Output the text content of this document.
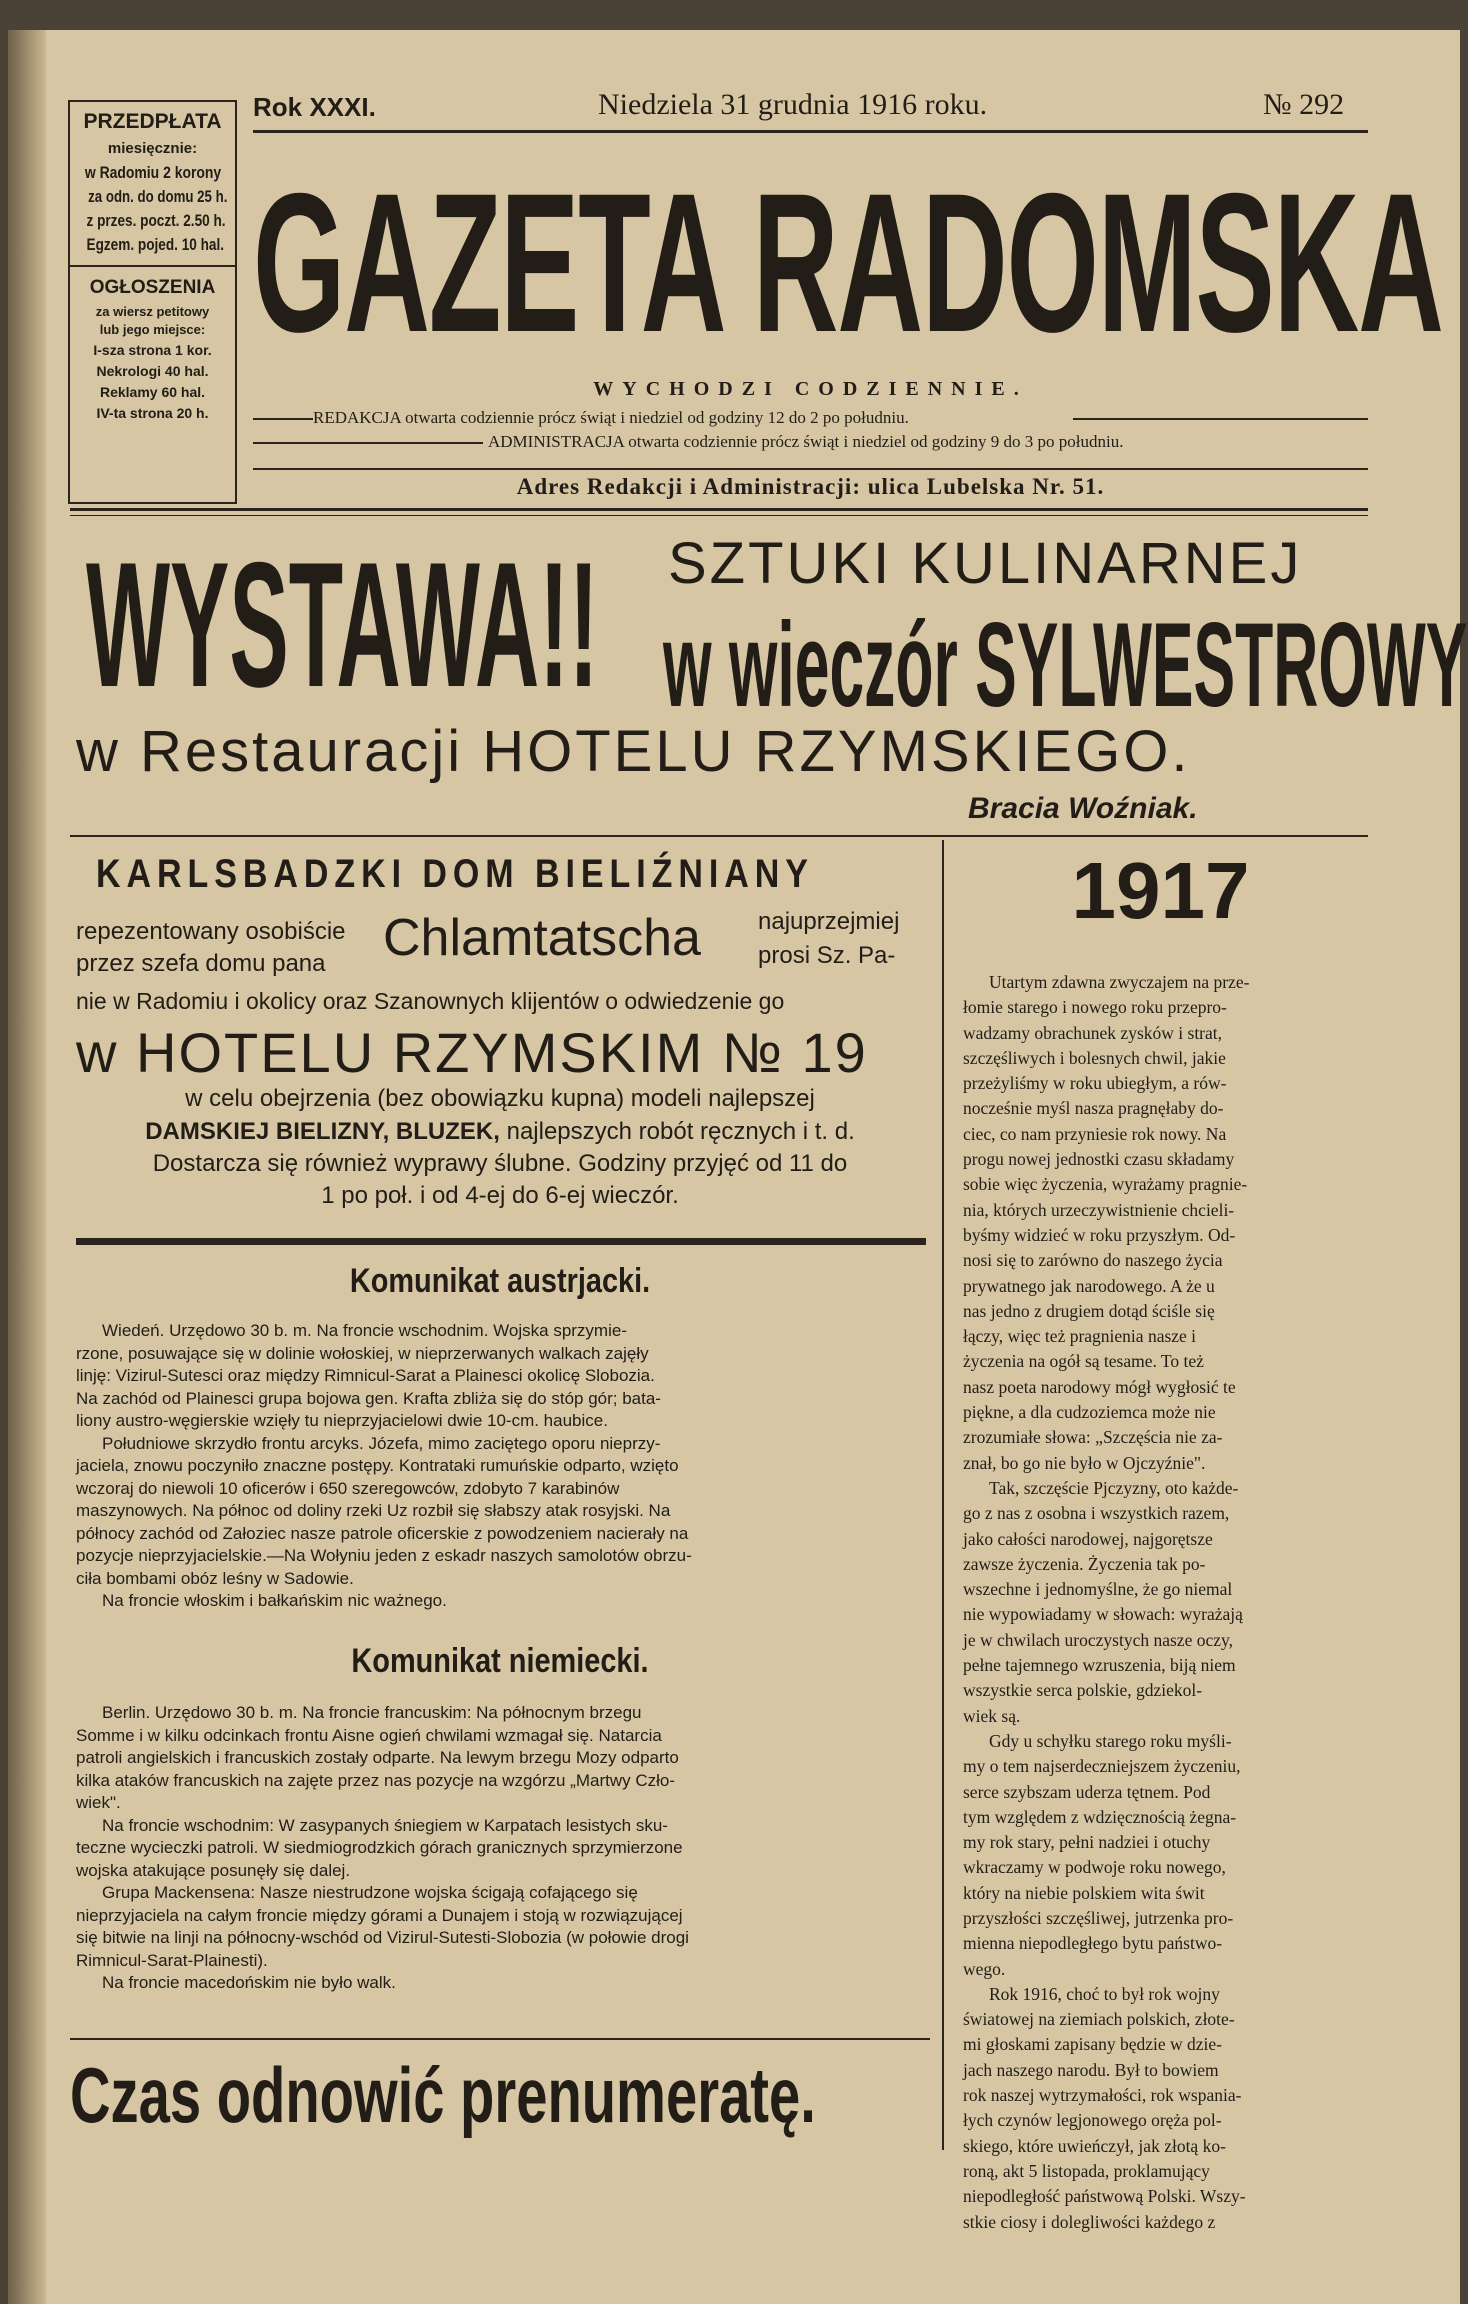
PRZEDPŁATA
miesięcznie:
w Radomiu 2 korony
za odn. do domu 25 h.
z przes. poczt. 2.50 h.
Egzem. pojed. 10 hal.
OGŁOSZENIA
za wiersz petitowy
lub jego miejsce:
I-sza strona 1 kor.
Nekrologi 40 hal.
Reklamy 60 hal.
IV-ta strona 20 h.
Rok XXXI.	Niedziela 31 grudnia 1916 roku.	№ 292
GAZETA RADOMSKA
WYCHODZI CODZIENNIE.
REDAKCJA otwarta codziennie prócz świąt i niedziel od godziny 12 do 2 po południu.
ADMINISTRACJA otwarta codziennie prócz świąt i niedziel od godziny 9 do 3 po południu.
Adres Redakcji i Administracji: ulica Lubelska Nr. 51.
WYSTAWA!! SZTUKI KULINARNEJ
w wieczór SYLWESTROWY
w Restauracji HOTELU RZYMSKIEGO.
Bracia Woźniak.
KARLSBADZKI DOM BIELIŹNIANY
repezentowany osobiście
przez szefa domu pana Chlamtatscha najuprzejmiej
prosi Sz. Pa-
nie w Radomiu i okolicy oraz Szanownych klijentów o odwiedzenie go
w HOTELU RZYMSKIM № 19
w celu obejrzenia (bez obowiązku kupna) modeli najlepszej
DAMSKIEJ BIELIZNY, BLUZEK, najlepszych robót ręcznych i t. d.
Dostarcza się również wyprawy ślubne. Godziny przyjęć od 11 do
1 po poł. i od 4-ej do 6-ej wieczór.
Komunikat austrjacki.
Wiedeń. Urzędowo 30 b. m. Na froncie wschodnim. Wojska sprzymie-
rzone, posuwające się w dolinie wołoskiej, w nieprzerwanych walkach zajęły
linję: Vizirul-Sutesci oraz między Rimnicul-Sarat a Plainesci okolicę Slobozia.
Na zachód od Plainesci grupa bojowa gen. Krafta zbliża się do stóp gór; bata-
liony austro-węgierskie wzięły tu nieprzyjacielowi dwie 10-cm. haubice.
Południowe skrzydło frontu arcyks. Józefa, mimo zaciętego oporu nieprzy-
jaciela, znowu poczyniło znaczne postępy. Kontrataki rumuńskie odparto, wzięto
wczoraj do niewoli 10 oficerów i 650 szeregowców, zdobyto 7 karabinów
maszynowych. Na północ od doliny rzeki Uz rozbił się słabszy atak rosyjski. Na
północy zachód od Załoziec nasze patrole oficerskie z powodzeniem nacierały na
pozycje nieprzyjacielskie.—Na Wołyniu jeden z eskadr naszych samolotów obrzu-
ciła bombami obóz leśny w Sadowie.
Na froncie włoskim i bałkańskim nic ważnego.
Komunikat niemiecki.
Berlin. Urzędowo 30 b. m. Na froncie francuskim: Na północnym brzegu
Somme i w kilku odcinkach frontu Aisne ogień chwilami wzmagał się. Natarcia
patroli angielskich i francuskich zostały odparte. Na lewym brzegu Mozy odparto
kilka ataków francuskich na zajęte przez nas pozycje na wzgórzu „Martwy Czło-
wiek".
Na froncie wschodnim: W zasypanych śniegiem w Karpatach lesistych sku-
teczne wycieczki patroli. W siedmiogrodzkich górach granicznych sprzymierzone
wojska atakujące posunęły się dalej.
Grupa Mackensena: Nasze niestrudzone wojska ścigają cofającego się
nieprzyjaciela na całym froncie między górami a Dunajem i stoją w rozwiązującej
się bitwie na linji na północny-wschód od Vizirul-Sutesti-Slobozia (w połowie drogi
Rimnicul-Sarat-Plainesti).
Na froncie macedońskim nie było walk.
Czas odnowić prenumeratę.
1917
Utartym zdawna zwyczajem na prze-
łomie starego i nowego roku przepro-
wadzamy obrachunek zysków i strat,
szczęśliwych i bolesnych chwil, jakie
przeżyliśmy w roku ubiegłym, a rów-
nocześnie myśl nasza pragnęłaby do-
ciec, co nam przyniesie rok nowy. Na
progu nowej jednostki czasu składamy
sobie więc życzenia, wyrażamy pragnie-
nia, których urzeczywistnienie chcieli-
byśmy widzieć w roku przyszłym. Od-
nosi się to zarówno do naszego życia
prywatnego jak narodowego. A że u
nas jedno z drugiem dotąd ściśle się
łączy, więc też pragnienia nasze i
życzenia na ogół są tesame. To też
nasz poeta narodowy mógł wygłosić te
piękne, a dla cudzoziemca może nie
zrozumiałe słowa: „Szczęścia nie za-
znał, bo go nie było w Ojczyźnie".
Tak, szczęście Pjczyzny, oto każde-
go z nas z osobna i wszystkich razem,
jako całości narodowej, najgorętsze
zawsze życzenia. Życzenia tak po-
wszechne i jednomyślne, że go niemal
nie wypowiadamy w słowach: wyrażają
je w chwilach uroczystych nasze oczy,
pełne tajemnego wzruszenia, biją niem
wszystkie serca polskie, gdziekol-
wiek są.
Gdy u schyłku starego roku myśli-
my o tem najserdeczniejszem życzeniu,
serce szybszam uderza tętnem. Pod
tym względem z wdzięcznością żegna-
my rok stary, pełni nadziei i otuchy
wkraczamy w podwoje roku nowego,
który na niebie polskiem wita świt
przyszłości szczęśliwej, jutrzenka pro-
mienna niepodległego bytu państwo-
wego.
Rok 1916, choć to był rok wojny
światowej na ziemiach polskich, złote-
mi głoskami zapisany będzie w dzie-
jach naszego narodu. Był to bowiem
rok naszej wytrzymałości, rok wspania-
łych czynów legjonowego oręża pol-
skiego, które uwieńczył, jak złotą ko-
roną, akt 5 listopada, proklamujący
niepodległość państwową Polski. Wszy-
stkie ciosy i dolegliwości każdego z
